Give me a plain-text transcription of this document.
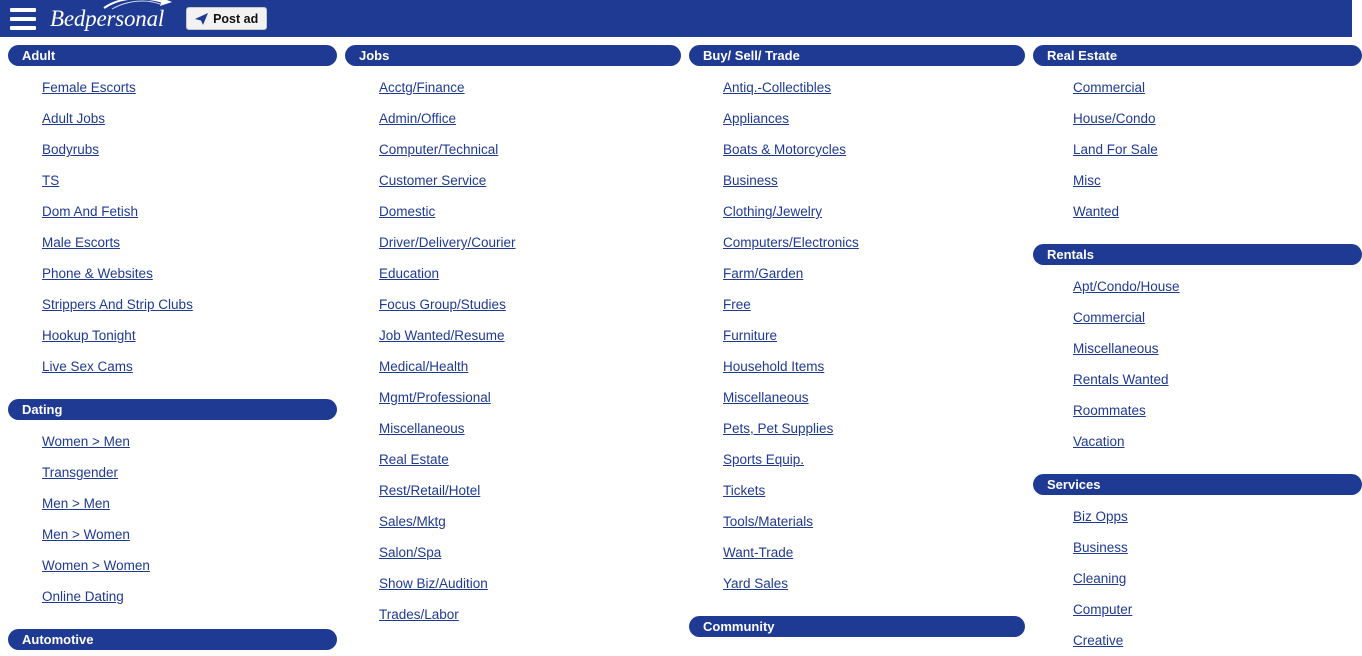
Bedpersonal	Post ad
Adult
Female Escorts
Adult Jobs
Bodyrubs
TS
Dom And Fetish
Male Escorts
Phone & Websites
Strippers And Strip Clubs
Hookup Tonight
Live Sex Cams
Dating
Women > Men
Transgender
Men > Men
Men > Women
Women > Women
Online Dating
Automotive
Jobs
Acctg/Finance
Admin/Office
Computer/Technical
Customer Service
Domestic
Driver/Delivery/Courier
Education
Focus Group/Studies
Job Wanted/Resume
Medical/Health
Mgmt/Professional
Miscellaneous
Real Estate
Rest/Retail/Hotel
Sales/Mktg
Salon/Spa
Show Biz/Audition
Trades/Labor
Buy/ Sell/ Trade
Antiq.-Collectibles
Appliances
Boats & Motorcycles
Business
Clothing/Jewelry
Computers/Electronics
Farm/Garden
Free
Furniture
Household Items
Miscellaneous
Pets, Pet Supplies
Sports Equip.
Tickets
Tools/Materials
Want-Trade
Yard Sales
Community
Real Estate
Commercial
House/Condo
Land For Sale
Misc
Wanted
Rentals
Apt/Condo/House
Commercial
Miscellaneous
Rentals Wanted
Roommates
Vacation
Services
Biz Opps
Business
Cleaning
Computer
Creative
